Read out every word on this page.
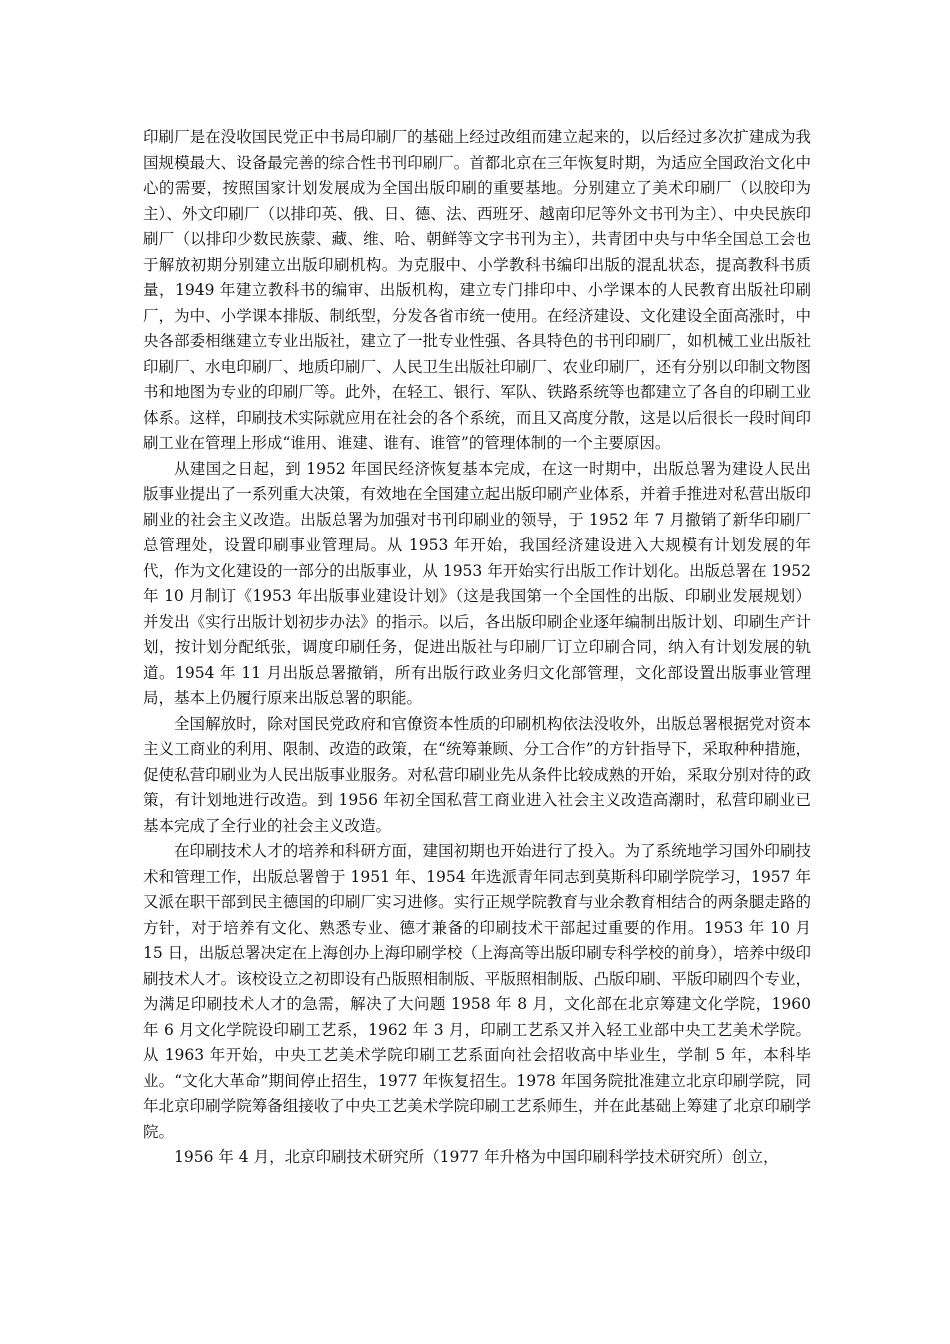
印刷厂是在没收国民党正中书局印刷厂的基础上经过改组而建立起来的，以后经过多次扩建成为我国规模最大、设备最完善的综合性书刊印刷厂。首都北京在三年恢复时期，为适应全国政治文化中心的需要，按照国家计划发展成为全国出版印刷的重要基地。分别建立了美术印刷厂（以胶印为主）、外文印刷厂（以排印英、俄、日、德、法、西班牙、越南印尼等外文书刊为主）、中央民族印刷厂（以排印少数民族蒙、藏、维、哈、朝鲜等文字书刊为主），共青团中央与中华全国总工会也于解放初期分别建立出版印刷机构。为克服中、小学教科书编印出版的混乱状态，提高教科书质量，1949 年建立教科书的编审、出版机构，建立专门排印中、小学课本的人民教育出版社印刷厂，为中、小学课本排版、制纸型，分发各省市统一使用。在经济建设、文化建设全面高涨时，中央各部委相继建立专业出版社，建立了一批专业性强、各具特色的书刊印刷厂，如机械工业出版社印刷厂、水电印刷厂、地质印刷厂、人民卫生出版社印刷厂、农业印刷厂，还有分别以印制文物图书和地图为专业的印刷厂等。此外，在轻工、银行、军队、铁路系统等也都建立了各自的印刷工业体系。这样，印刷技术实际就应用在社会的各个系统，而且又高度分散，这是以后很长一段时间印刷工业在管理上形成“谁用、谁建、谁有、谁管”的管理体制的一个主要原因。

从建国之日起，到 1952 年国民经济恢复基本完成，在这一时期中，出版总署为建设人民出版事业提出了一系列重大决策，有效地在全国建立起出版印刷产业体系，并着手推进对私营出版印刷业的社会主义改造。出版总署为加强对书刊印刷业的领导，于 1952 年 7 月撤销了新华印刷厂总管理处，设置印刷事业管理局。从 1953 年开始，我国经济建设进入大规模有计划发展的年代，作为文化建设的一部分的出版事业，从 1953 年开始实行出版工作计划化。出版总署在 1952 年 10 月制订《1953 年出版事业建设计划》（这是我国第一个全国性的出版、印刷业发展规划）并发出《实行出版计划初步办法》的指示。以后，各出版印刷企业逐年编制出版计划、印刷生产计划，按计划分配纸张，调度印刷任务，促进出版社与印刷厂订立印刷合同，纳入有计划发展的轨道。1954 年 11 月出版总署撤销，所有出版行政业务归文化部管理，文化部设置出版事业管理局，基本上仍履行原来出版总署的职能。

全国解放时，除对国民党政府和官僚资本性质的印刷机构依法没收外，出版总署根据党对资本主义工商业的利用、限制、改造的政策，在“统筹兼顾、分工合作”的方针指导下，采取种种措施，促使私营印刷业为人民出版事业服务。对私营印刷业先从条件比较成熟的开始，采取分别对待的政策，有计划地进行改造。到 1956 年初全国私营工商业进入社会主义改造高潮时，私营印刷业已基本完成了全行业的社会主义改造。

在印刷技术人才的培养和科研方面，建国初期也开始进行了投入。为了系统地学习国外印刷技术和管理工作，出版总署曾于 1951 年、1954 年选派青年同志到莫斯科印刷学院学习，1957 年又派在职干部到民主德国的印刷厂实习进修。实行正规学院教育与业余教育相结合的两条腿走路的方针，对于培养有文化、熟悉专业、德才兼备的印刷技术干部起过重要的作用。1953 年 10 月 15 日，出版总署决定在上海创办上海印刷学校（上海高等出版印刷专科学校的前身），培养中级印刷技术人才。该校设立之初即设有凸版照相制版、平版照相制版、凸版印刷、平版印刷四个专业，为满足印刷技术人才的急需，解决了大问题 1958 年 8 月，文化部在北京筹建文化学院，1960 年 6 月文化学院设印刷工艺系，1962 年 3 月，印刷工艺系又并入轻工业部中央工艺美术学院。从 1963 年开始，中央工艺美术学院印刷工艺系面向社会招收高中毕业生，学制 5 年，本科毕业。“文化大革命”期间停止招生，1977 年恢复招生。1978 年国务院批准建立北京印刷学院，同年北京印刷学院筹备组接收了中央工艺美术学院印刷工艺系师生，并在此基础上筹建了北京印刷学院。

1956 年 4 月，北京印刷技术研究所（1977 年升格为中国印刷科学技术研究所）创立，
